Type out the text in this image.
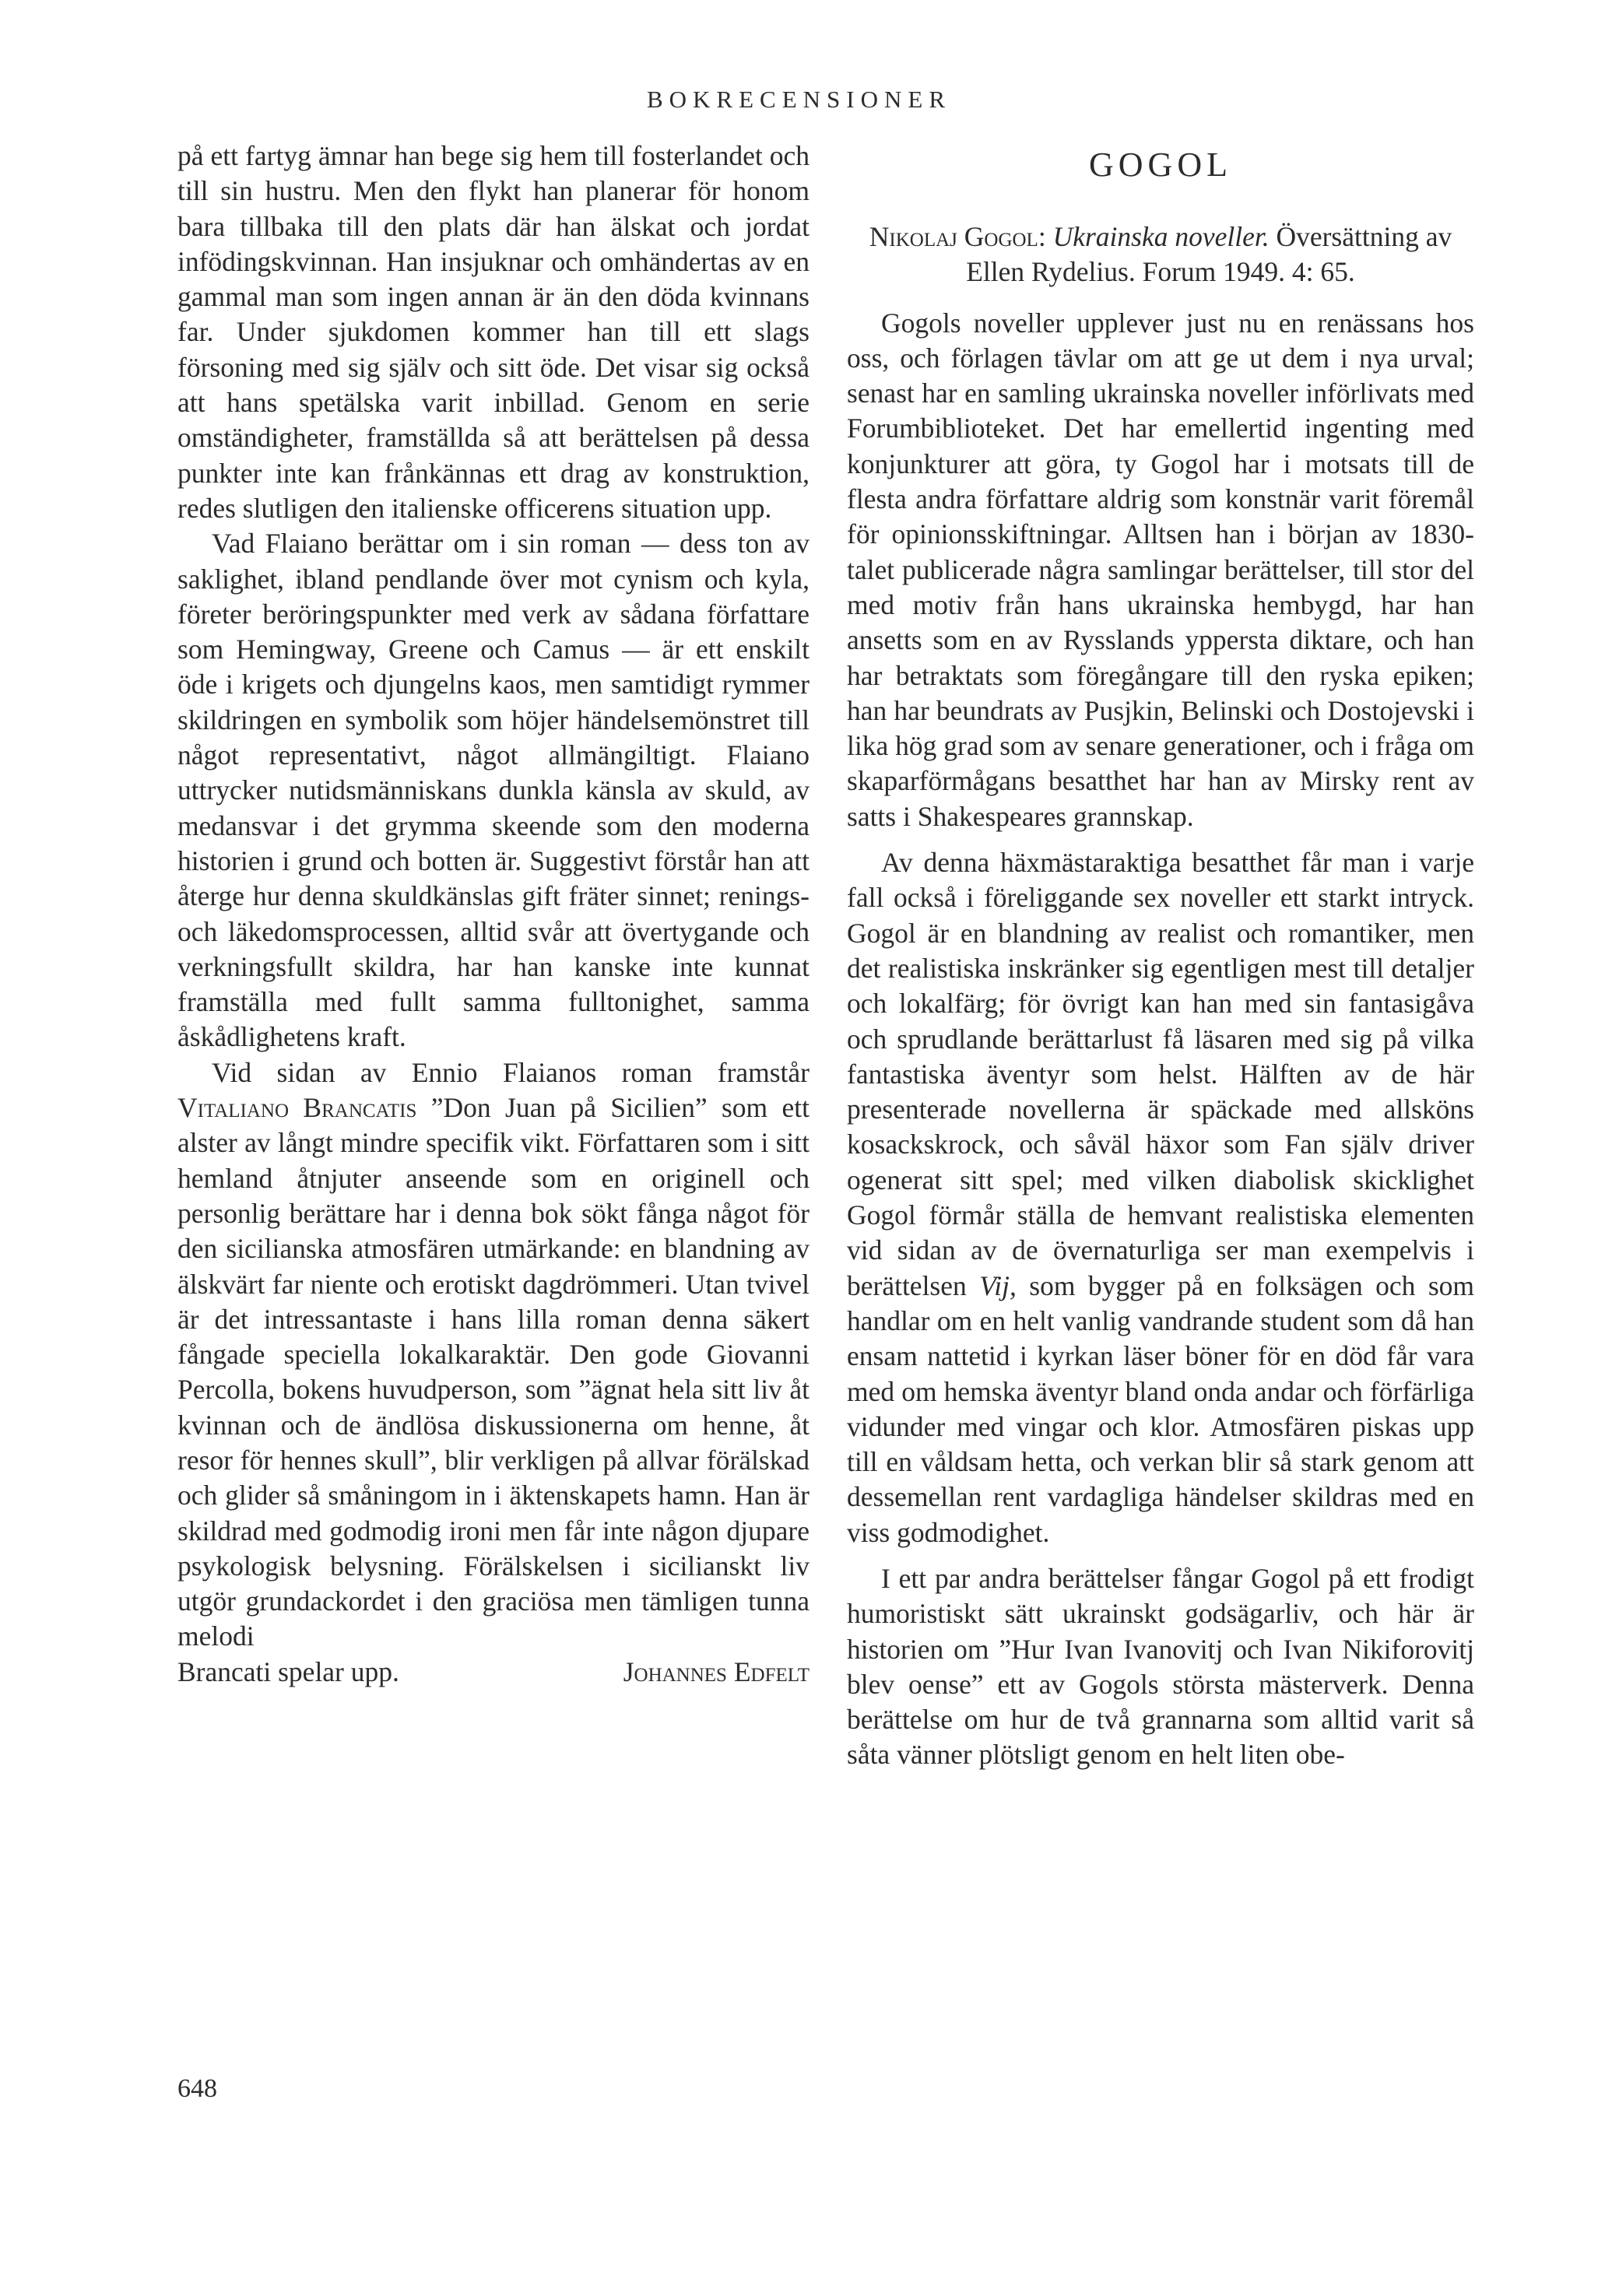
BOKRECENSIONER

på ett fartyg ämnar han bege sig hem till fosterlandet och till sin hustru. Men den flykt han planerar för honom bara tillbaka till den plats där han älskat och jordat infödingskvinnan. Han insjuknar och omhändertas av en gammal man som ingen annan är än den döda kvinnans far. Under sjukdomen kommer han till ett slags försoning med sig själv och sitt öde. Det visar sig också att hans spetälska varit inbillad. Genom en serie omständigheter, framställda så att berättelsen på dessa punkter inte kan frånkännas ett drag av konstruktion, redes slutligen den italienske officerens situation upp.

Vad Flaiano berättar om i sin roman — dess ton av saklighet, ibland pendlande över mot cynism och kyla, företer beröringspunkter med verk av sådana författare som Hemingway, Greene och Camus — är ett enskilt öde i krigets och djungelns kaos, men samtidigt rymmer skildringen en symbolik som höjer händelsemönstret till något representativt, något allmängiltigt. Flaiano uttrycker nutidsmänniskans dunkla känsla av skuld, av medansvar i det grymma skeende som den moderna historien i grund och botten är. Suggestivt förstår han att återge hur denna skuldkänslas gift fräter sinnet; renings- och läkedomsprocessen, alltid svår att övertygande och verkningsfullt skildra, har han kanske inte kunnat framställa med fullt samma fulltonighet, samma åskådlighetens kraft.

Vid sidan av Ennio Flaianos roman framstår Vitaliano Brancatis ”Don Juan på Sicilien” som ett alster av långt mindre specifik vikt. Författaren som i sitt hemland åtnjuter anseende som en originell och personlig berättare har i denna bok sökt fånga något för den sicilianska atmosfären utmärkande: en blandning av älskvärt far niente och erotiskt dagdrömmeri. Utan tvivel är det intressantaste i hans lilla roman denna säkert fångade speciella lokalkaraktär. Den gode Giovanni Percolla, bokens huvudperson, som ”ägnat hela sitt liv åt kvinnan och de ändlösa diskussionerna om henne, åt resor för hennes skull”, blir verkligen på allvar förälskad och glider så småningom in i äktenskapets hamn. Han är skildrad med godmodig ironi men får inte någon djupare psykologisk belysning. Förälskelsen i sicilianskt liv utgör grundackordet i den graciösa men tämligen tunna melodi

Brancati spelar upp.	Johannes Edfelt
GOGOL
Nikolaj Gogol: Ukrainska noveller. Översättning av Ellen Rydelius. Forum 1949. 4: 65.

Gogols noveller upplever just nu en renässans hos oss, och förlagen tävlar om att ge ut dem i nya urval; senast har en samling ukrainska noveller införlivats med Forumbiblioteket. Det har emellertid ingenting med konjunkturer att göra, ty Gogol har i motsats till de flesta andra författare aldrig som konstnär varit föremål för opinionsskiftningar. Alltsen han i början av 1830-talet publicerade några samlingar berättelser, till stor del med motiv från hans ukrainska hembygd, har han ansetts som en av Rysslands yppersta diktare, och han har betraktats som föregångare till den ryska epiken; han har beundrats av Pusjkin, Belinski och Dostojevski i lika hög grad som av senare generationer, och i fråga om skaparförmågans besatthet har han av Mirsky rent av satts i Shakespeares grannskap.

Av denna häxmästaraktiga besatthet får man i varje fall också i föreliggande sex noveller ett starkt intryck. Gogol är en blandning av realist och romantiker, men det realistiska inskränker sig egentligen mest till detaljer och lokalfärg; för övrigt kan han med sin fantasigåva och sprudlande berättarlust få läsaren med sig på vilka fantastiska äventyr som helst. Hälften av de här presenterade novellerna är späckade med allsköns kosackskrock, och såväl häxor som Fan själv driver ogenerat sitt spel; med vilken diabolisk skicklighet Gogol förmår ställa de hemvant realistiska elementen vid sidan av de övernaturliga ser man exempelvis i berättelsen Vij, som bygger på en folksägen och som handlar om en helt vanlig vandrande student som då han ensam nattetid i kyrkan läser böner för en död får vara med om hemska äventyr bland onda andar och förfärliga vidunder med vingar och klor. Atmosfären piskas upp till en våldsam hetta, och verkan blir så stark genom att dessemellan rent vardagliga händelser skildras med en viss godmodighet.

I ett par andra berättelser fångar Gogol på ett frodigt humoristiskt sätt ukrainskt godsägarliv, och här är historien om ”Hur Ivan Ivanovitj och Ivan Nikiforovitj blev oense” ett av Gogols största mästerverk. Denna berättelse om hur de två grannarna som alltid varit så såta vänner plötsligt genom en helt liten obe-

648
